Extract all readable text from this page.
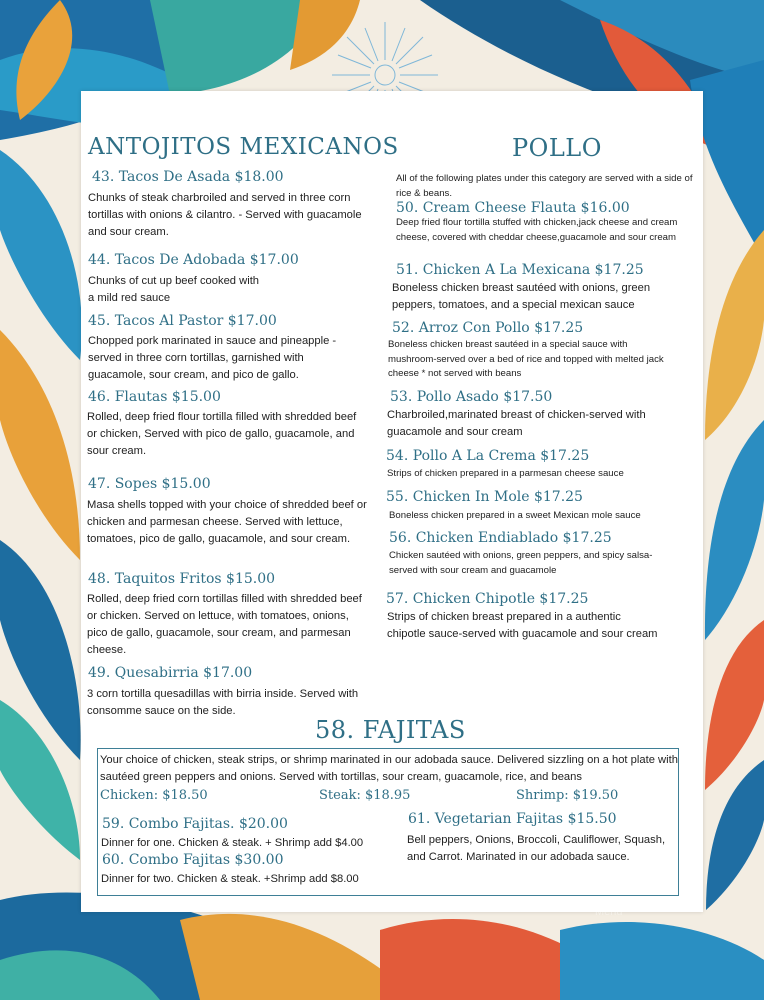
ANTOJITOS MEXICANOS	POLLO
All of the following plates under this category are served with a side of rice & beans.
43. Tacos De Asada $18.00
Chunks of steak charbroiled and served in three corn tortillas with onions & cilantro. - Served with guacamole and sour cream.
44. Tacos De Adobada $17.00
Chunks of cut up beef cooked with a mild red sauce
45. Tacos Al Pastor $17.00
Chopped pork marinated in sauce and pineapple - served in three corn tortillas, garnished with guacamole, sour cream, and pico de gallo.
46. Flautas $15.00
Rolled, deep fried flour tortilla filled with shredded beef or chicken, Served with pico de gallo, guacamole, and sour cream.
47. Sopes $15.00
Masa shells topped with your choice of shredded beef or chicken and parmesan cheese. Served with lettuce, tomatoes, pico de gallo, guacamole, and sour cream.
48. Taquitos Fritos $15.00
Rolled, deep fried corn tortillas filled with shredded beef or chicken. Served on lettuce, with tomatoes, onions, pico de gallo, guacamole, sour cream, and parmesan cheese.
49. Quesabirria $17.00
3 corn tortilla quesadillas with birria inside. Served with consomme sauce on the side.
50. Cream Cheese Flauta $16.00
Deep fried flour tortilla stuffed with chicken,jack cheese and cream cheese, covered with cheddar cheese,guacamole and sour cream
51. Chicken A La Mexicana $17.25
Boneless chicken breast sautéed with onions, green peppers, tomatoes, and a special mexican sauce
52. Arroz Con Pollo $17.25
Boneless chicken breast sautéed in a special sauce with mushroom-served over a bed of rice and topped with melted jack cheese * not served with beans
53. Pollo Asado $17.50
Charbroiled,marinated breast of chicken-served with guacamole and sour cream
54. Pollo A La Crema $17.25
Strips of chicken prepared in a parmesan cheese sauce
55. Chicken In Mole $17.25
Boneless chicken prepared in a sweet Mexican mole sauce
56. Chicken Endiablado $17.25
Chicken sautéed with onions, green peppers, and spicy salsa-served with sour cream and guacamole
57. Chicken Chipotle $17.25
Strips of chicken breast prepared in a authentic chipotle sauce-served with guacamole and sour cream
58. FAJITAS
Your choice of chicken, steak strips, or shrimp marinated in our adobada sauce. Delivered sizzling on a hot plate with sautéed green peppers and onions. Served with tortillas, sour cream, guacamole, rice, and beans
Chicken: $18.50	Steak: $18.95	Shrimp: $19.50
59. Combo Fajitas. $20.00
Dinner for one. Chicken & steak. + Shrimp add $4.00
60. Combo Fajitas $30.00
Dinner for two. Chicken & steak. +Shrimp add $8.00
61. Vegetarian Fajitas $15.50
Bell peppers, Onions, Broccoli, Cauliflower, Squash, and Carrot. Marinated in our adobada sauce.
Menu
